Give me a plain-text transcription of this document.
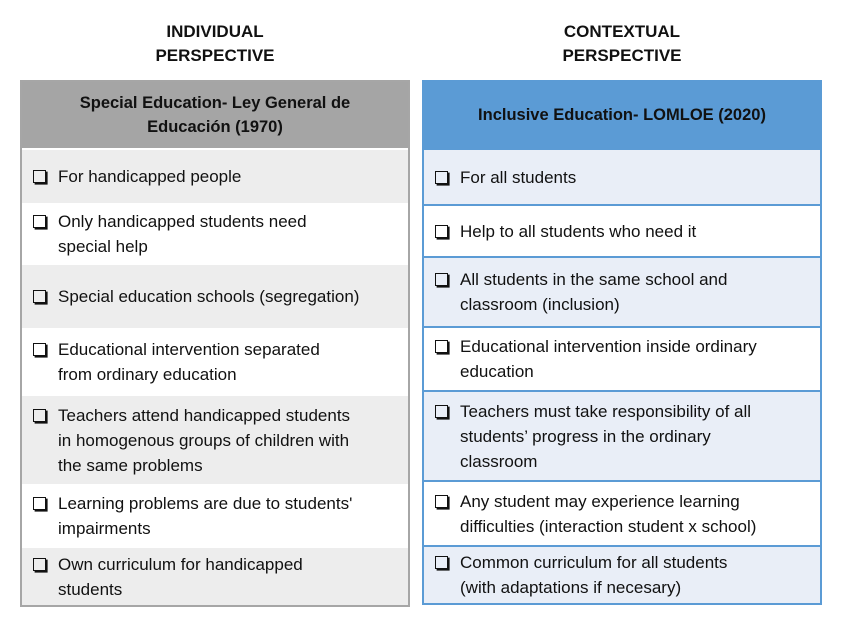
INDIVIDUAL
PERSPECTIVE
CONTEXTUAL
PERSPECTIVE
Special Education- Ley General de
Educación (1970)
For handicapped people
Only handicapped students need
special help
Special education schools (segregation)
Educational intervention separated
from ordinary education
Teachers attend handicapped students
in homogenous groups of children with
the same problems
Learning problems are due to students'
impairments
Own curriculum for handicapped
students
Inclusive Education- LOMLOE (2020)
For all students
Help to all students who need it
All students in the same school and
classroom (inclusion)
Educational intervention inside ordinary
education
Teachers must take responsibility of all
students’ progress in the ordinary
classroom
Any student may experience learning
difficulties (interaction student x school)
Common curriculum for all students
(with adaptations if necesary)
